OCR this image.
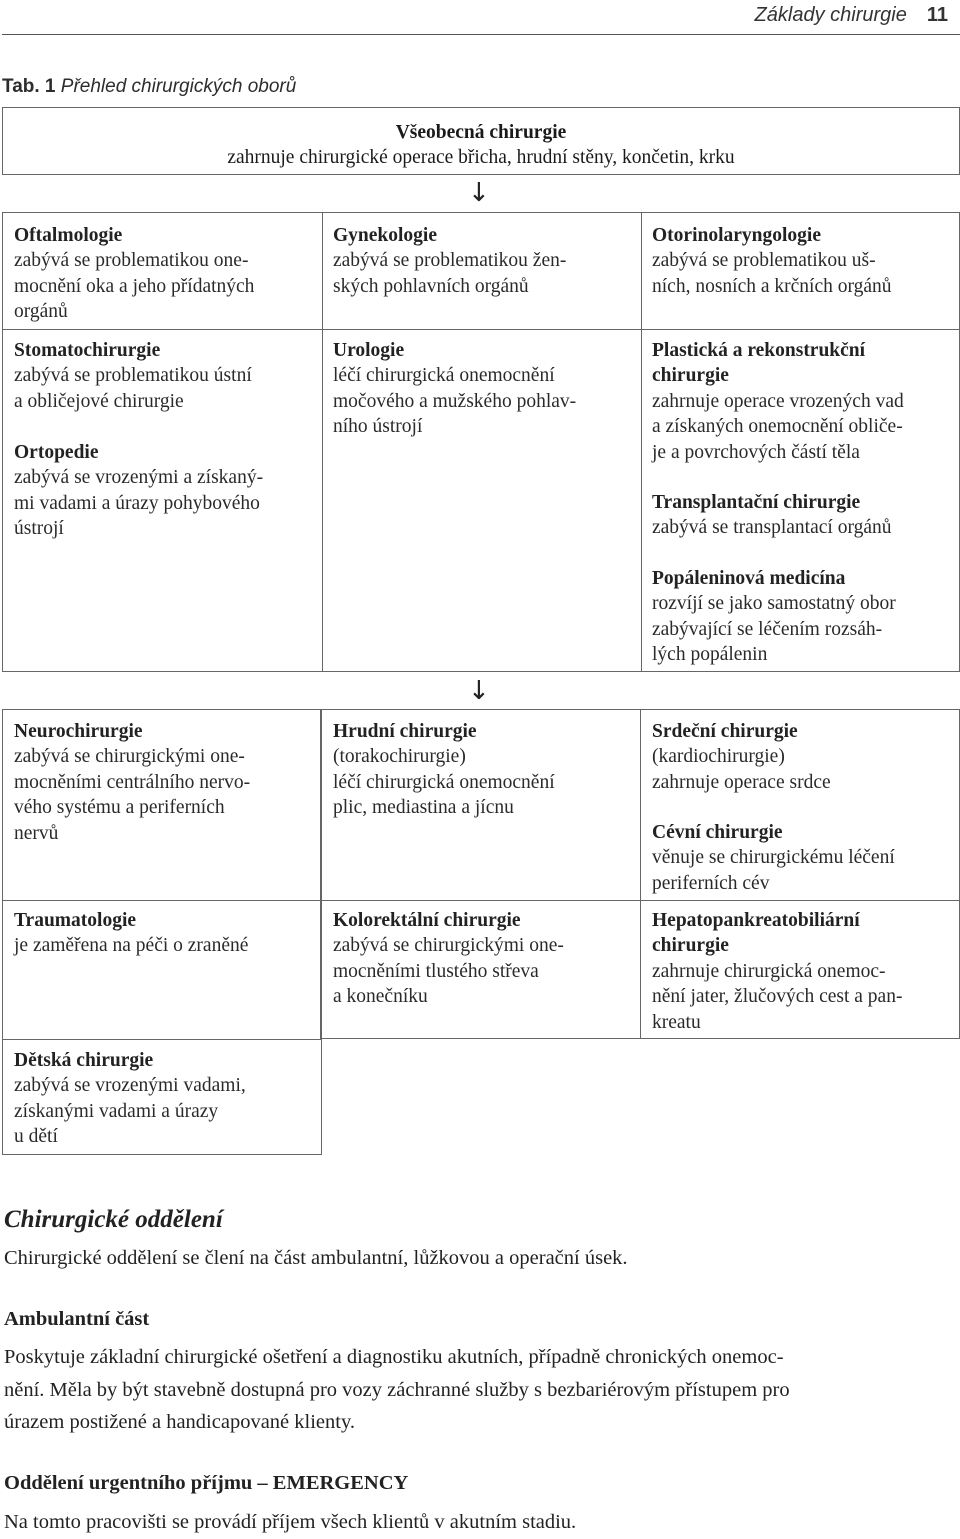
Základy chirurgie 11
Tab. 1 Přehled chirurgických oborů
Všeobecná chirurgie
zahrnuje chirurgické operace břicha, hrudní stěny, končetin, krku
↓

Oftalmologie

zabývá se problematikou one-

mocnění oka a jeho přídatných

orgánů

Stomatochirurgie

zabývá se problematikou ústní

a obličejové chirurgie

Ortopedie

zabývá se vrozenými a získaný-

mi vadami a úrazy pohybového

ústrojí

Gynekologie

zabývá se problematikou žen-

ských pohlavních orgánů

Urologie

léčí chirurgická onemocnění

močového a mužského pohlav-

ního ústrojí

Otorinolaryngologie

zabývá se problematikou uš-

ních, nosních a krčních orgánů

Plastická a rekonstrukční

chirurgie

zahrnuje operace vrozených vad

a získaných onemocnění obliče-

je a povrchových částí těla

Transplantační chirurgie

zabývá se transplantací orgánů

Popáleninová medicína

rozvíjí se jako samostatný obor

zabývající se léčením rozsáh-

lých popálenin

↓

Neurochirurgie

zabývá se chirurgickými one-

mocněními centrálního nervo-

vého systému a periferních

nervů

Traumatologie

je zaměřena na péči o zraněné

Dětská chirurgie

zabývá se vrozenými vadami,

získanými vadami a úrazy

u dětí

Hrudní chirurgie

(torakochirurgie)

léčí chirurgická onemocnění

plic, mediastina a jícnu

Kolorektální chirurgie

zabývá se chirurgickými one-

mocněními tlustého střeva

a konečníku

Srdeční chirurgie

(kardiochirurgie)

zahrnuje operace srdce

Cévní chirurgie

věnuje se chirurgickému léčení

periferních cév

Hepatopankreatobiliární

chirurgie

zahrnuje chirurgická onemoc-

nění jater, žlučových cest a pan-

kreatu

Chirurgické oddělení
Chirurgické oddělení se člení na část ambulantní, lůžkovou a operační úsek.
Ambulantní část
Poskytuje základní chirurgické ošetření a diagnostiku akutních, případně chronických onemoc-
nění. Měla by být stavebně dostupná pro vozy záchranné služby s bezbariérovým přístupem pro
úrazem postižené a handicapované klienty.
Oddělení urgentního příjmu – EMERGENCY
Na tomto pracovišti se provádí příjem všech klientů v akutním stadiu.
